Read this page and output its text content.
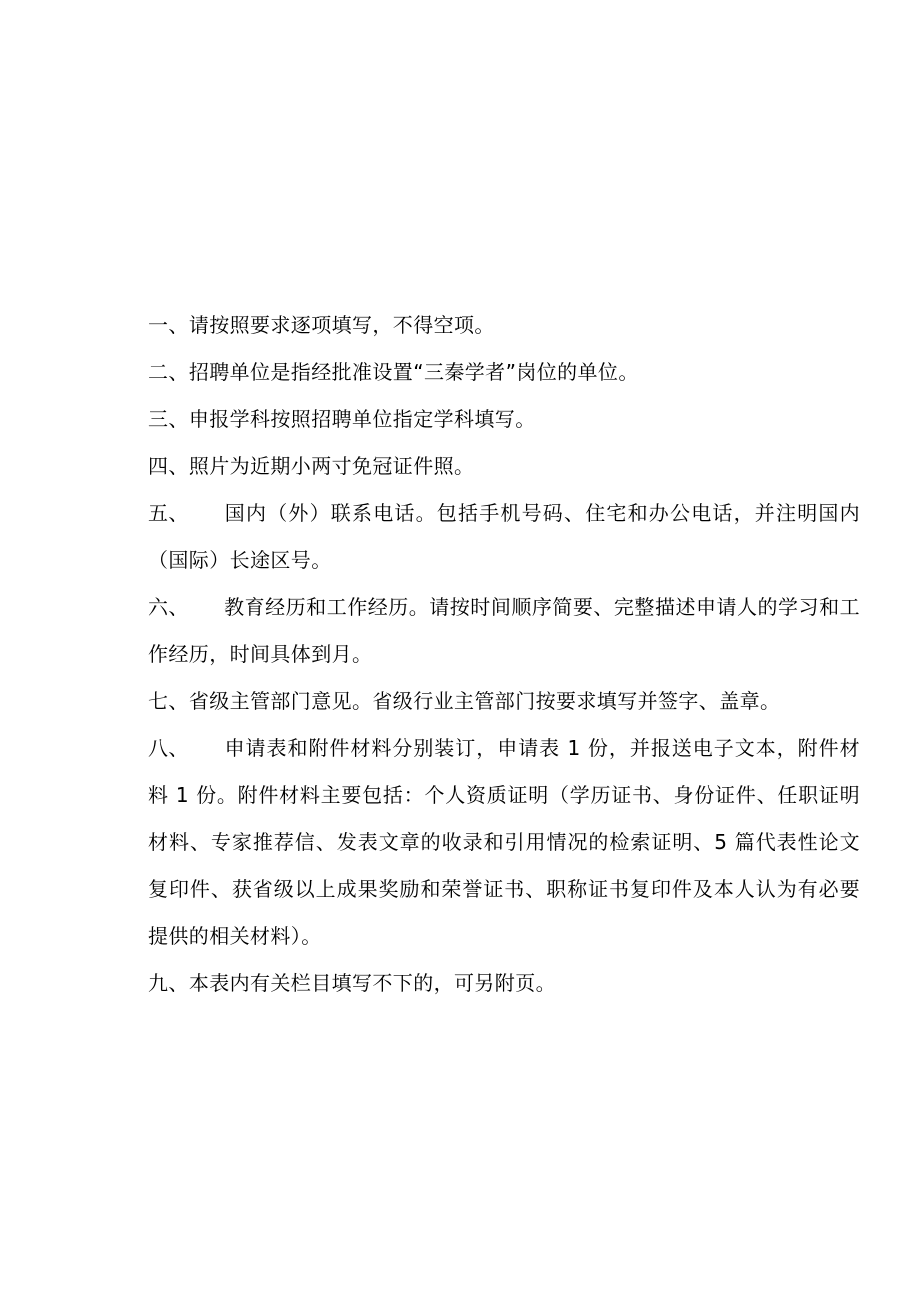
一、请按照要求逐项填写，不得空项。
二、招聘单位是指经批准设置“三秦学者”岗位的单位。
三、申报学科按照招聘单位指定学科填写。
四、照片为近期小两寸免冠证件照。
五、 国内（外）联系电话。包括手机号码、住宅和办公电话，并注明国内（国际）长途区号。
六、 教育经历和工作经历。请按时间顺序简要、完整描述申请人的学习和工作经历，时间具体到月。
七、省级主管部门意见。省级行业主管部门按要求填写并签字、盖章。
八、 申请表和附件材料分别装订，申请表 1 份，并报送电子文本，附件材料 1 份。附件材料主要包括：个人资质证明（学历证书、身份证件、任职证明材料、专家推荐信、发表文章的收录和引用情况的检索证明、5 篇代表性论文复印件、获省级以上成果奖励和荣誉证书、职称证书复印件及本人认为有必要提供的相关材料）。
九、本表内有关栏目填写不下的，可另附页。
